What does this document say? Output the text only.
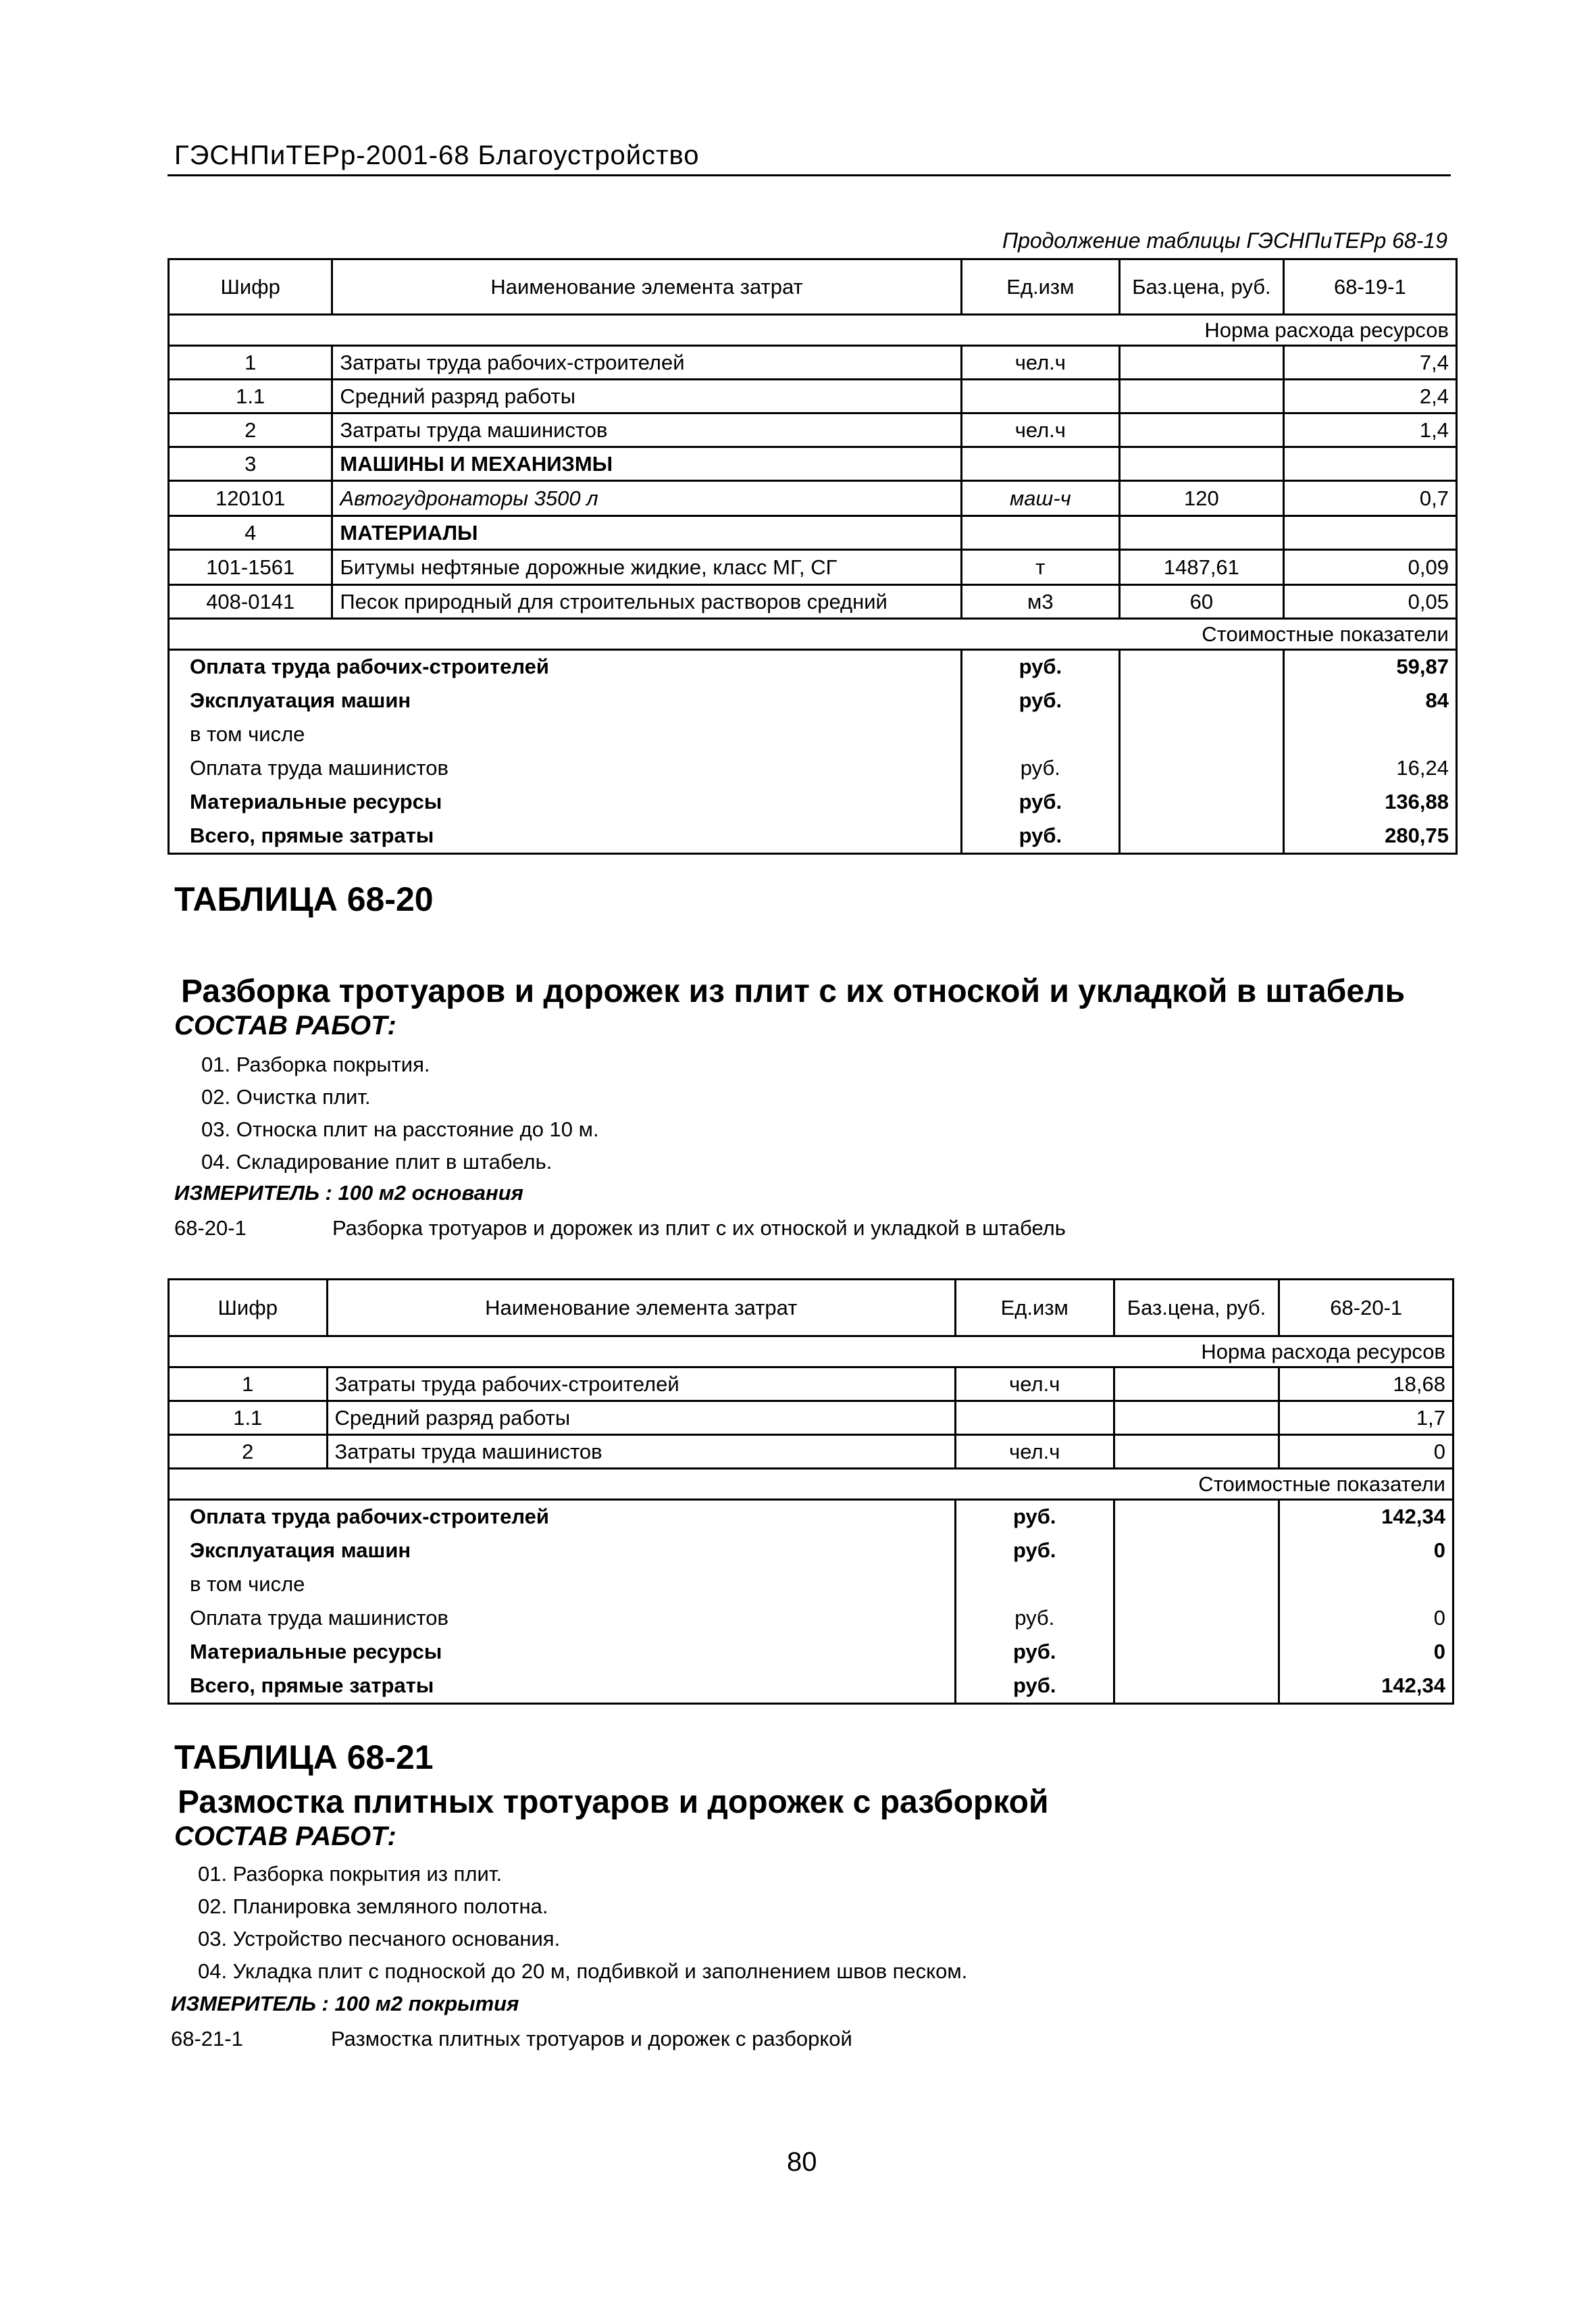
ГЭСНПиТЕРр-2001-68 Благоустройство
Продолжение таблицы ГЭСНПиТЕРр 68-19
Шифр	Наименование элемента затрат	Ед.изм	Баз.цена, руб.	68-19-1
Норма расхода ресурсов				
1	Затраты труда рабочих-строителей	чел.ч		7,4
1.1	Средний разряд работы			2,4
2	Затраты труда машинистов	чел.ч		1,4
3	МАШИНЫ И МЕХАНИЗМЫ			
120101	Автогудронаторы 3500 л	маш-ч	120	0,7
4	МАТЕРИАЛЫ			
101-1561	Битумы нефтяные дорожные жидкие, класс МГ, СГ	т	1487,61	0,09
408-0141	Песок природный для строительных растворов средний	м3	60	0,05
Стоимостные показатели				
Оплата труда рабочих-строителей		руб.		59,87
Эксплуатация машин		руб.		84
в том числе				
Оплата труда машинистов		руб.		16,24
Материальные ресурсы		руб.		136,88
Всего, прямые затраты		руб.		280,75
ТАБЛИЦА 68-20
Разборка тротуаров и дорожек из плит с их отноской и укладкой в штабель
СОСТАВ РАБОТ:
01. Разборка покрытия.
02. Очистка плит.
03. Относка плит на расстояние до 10 м.
04. Складирование плит в штабель.
ИЗМЕРИТЕЛЬ : 100 м2 основания
68-20-1	Разборка тротуаров и дорожек из плит с их отноской и укладкой в штабель
Шифр	Наименование элемента затрат	Ед.изм	Баз.цена, руб.	68-20-1
Норма расхода ресурсов				
1	Затраты труда рабочих-строителей	чел.ч		18,68
1.1	Средний разряд работы			1,7
2	Затраты труда машинистов	чел.ч		0
Стоимостные показатели				
Оплата труда рабочих-строителей		руб.		142,34
Эксплуатация машин		руб.		0
в том числе				
Оплата труда машинистов		руб.		0
Материальные ресурсы		руб.		0
Всего, прямые затраты		руб.		142,34
ТАБЛИЦА 68-21
Размостка плитных тротуаров и дорожек с разборкой
СОСТАВ РАБОТ:
01. Разборка покрытия из плит.
02. Планировка земляного полотна.
03. Устройство песчаного основания.
04. Укладка плит с подноской до 20 м, подбивкой и заполнением швов песком.
ИЗМЕРИТЕЛЬ : 100 м2 покрытия
68-21-1	Размостка плитных тротуаров и дорожек с разборкой
80
